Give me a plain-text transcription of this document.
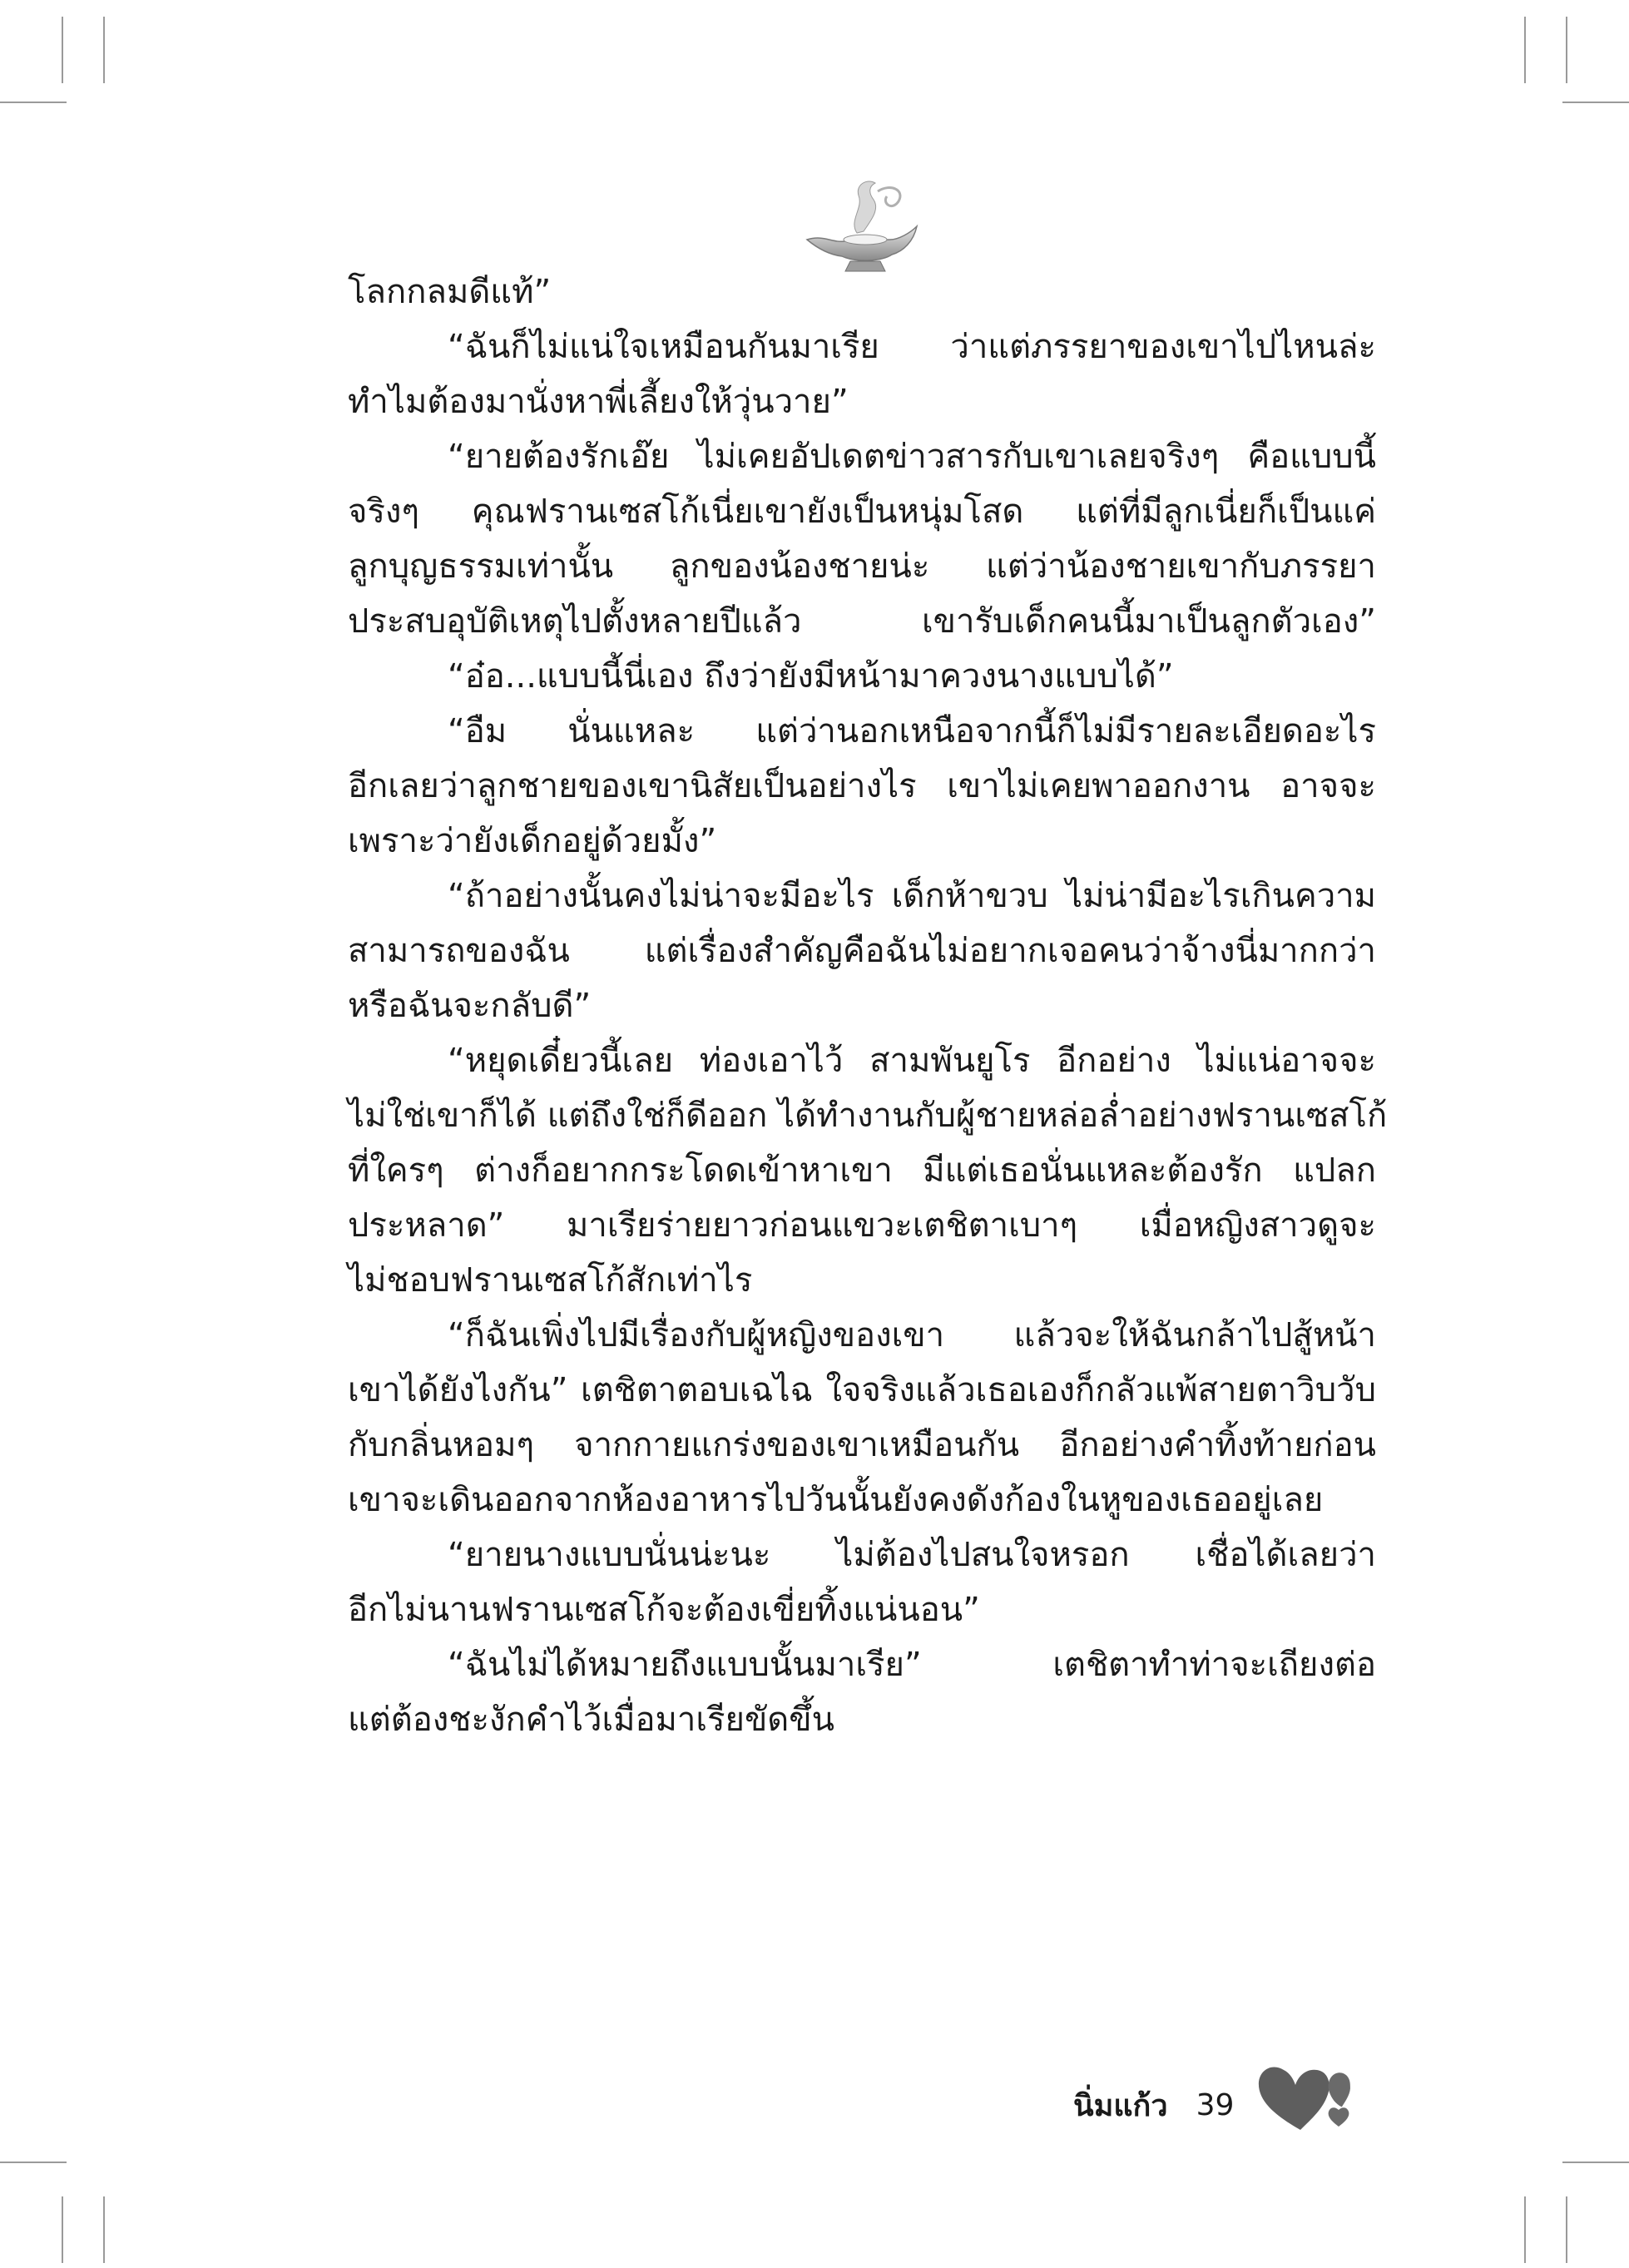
โลกกลมดีแท้”
“ฉันก็ไม่แน่ใจเหมือนกันมาเรีย ว่าแต่ภรรยาของเขาไปไหนล่ะ
ทำไมต้องมานั่งหาพี่เลี้ยงให้วุ่นวาย”
“ยายต้องรักเอ๊ย ไม่เคยอัปเดตข่าวสารกับเขาเลยจริงๆ คือแบบนี้
จริงๆ คุณฟรานเซสโก้เนี่ยเขายังเป็นหนุ่มโสด แต่ที่มีลูกเนี่ยก็เป็นแค่
ลูกบุญธรรมเท่านั้น ลูกของน้องชายน่ะ แต่ว่าน้องชายเขากับภรรยา
ประสบอุบัติเหตุไปตั้งหลายปีแล้ว เขารับเด็กคนนี้มาเป็นลูกตัวเอง”
“อ๋อ...แบบนี้นี่เอง ถึงว่ายังมีหน้ามาควงนางแบบได้”
“อืม นั่นแหละ แต่ว่านอกเหนือจากนี้ก็ไม่มีรายละเอียดอะไร
อีกเลยว่าลูกชายของเขานิสัยเป็นอย่างไร เขาไม่เคยพาออกงาน อาจจะ
เพราะว่ายังเด็กอยู่ด้วยมั้ง”
“ถ้าอย่างนั้นคงไม่น่าจะมีอะไร เด็กห้าขวบ ไม่น่ามีอะไรเกินความ
สามารถของฉัน แต่เรื่องสำคัญคือฉันไม่อยากเจอคนว่าจ้างนี่มากกว่า
หรือฉันจะกลับดี”
“หยุดเดี๋ยวนี้เลย ท่องเอาไว้ สามพันยูโร อีกอย่าง ไม่แน่อาจจะ
ไม่ใช่เขาก็ได้ แต่ถึงใช่ก็ดีออก ได้ทำงานกับผู้ชายหล่อล่ำอย่างฟรานเซสโก้
ที่ใครๆ ต่างก็อยากกระโดดเข้าหาเขา มีแต่เธอนั่นแหละต้องรัก แปลก
ประหลาด” มาเรียร่ายยาวก่อนแขวะเตชิตาเบาๆ เมื่อหญิงสาวดูจะ
ไม่ชอบฟรานเซสโก้สักเท่าไร
“ก็ฉันเพิ่งไปมีเรื่องกับผู้หญิงของเขา แล้วจะให้ฉันกล้าไปสู้หน้า
เขาได้ยังไงกัน” เตชิตาตอบเฉไฉ ใจจริงแล้วเธอเองก็กลัวแพ้สายตาวิบวับ
กับกลิ่นหอมๆ จากกายแกร่งของเขาเหมือนกัน อีกอย่างคำทิ้งท้ายก่อน
เขาจะเดินออกจากห้องอาหารไปวันนั้นยังคงดังก้องในหูของเธออยู่เลย
“ยายนางแบบนั่นน่ะนะ ไม่ต้องไปสนใจหรอก เชื่อได้เลยว่า
อีกไม่นานฟรานเซสโก้จะต้องเขี่ยทิ้งแน่นอน”
“ฉันไม่ได้หมายถึงแบบนั้นมาเรีย” เตชิตาทำท่าจะเถียงต่อ
แต่ต้องชะงักคำไว้เมื่อมาเรียขัดขึ้น
นิ่มแก้ว 39
